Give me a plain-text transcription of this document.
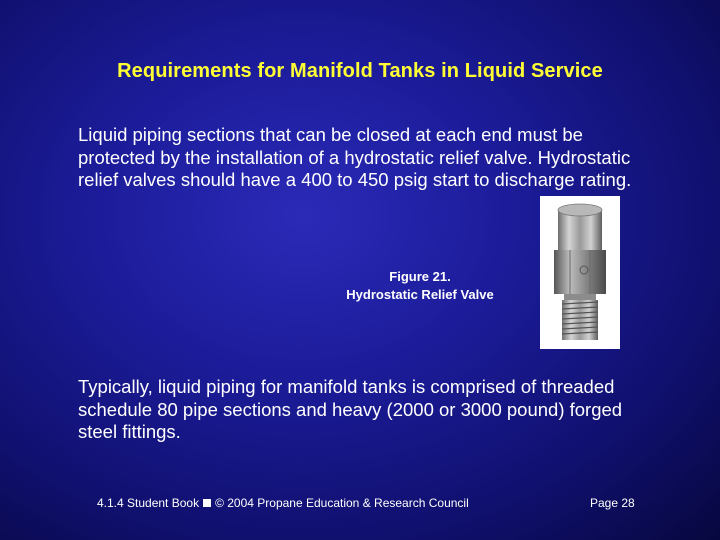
Requirements for Manifold Tanks in Liquid Service
Liquid piping sections that can be closed at each end must be protected by the installation of a hydrostatic relief valve. Hydrostatic relief valves should have a 400 to 450 psig start to discharge rating.
Figure 21.
Hydrostatic Relief Valve
Typically, liquid piping for manifold tanks is comprised of threaded schedule 80 pipe sections and heavy (2000 or 3000 pound) forged steel fittings.
4.1.4 Student Book © 2004 Propane Education & Research Council	Page 28
